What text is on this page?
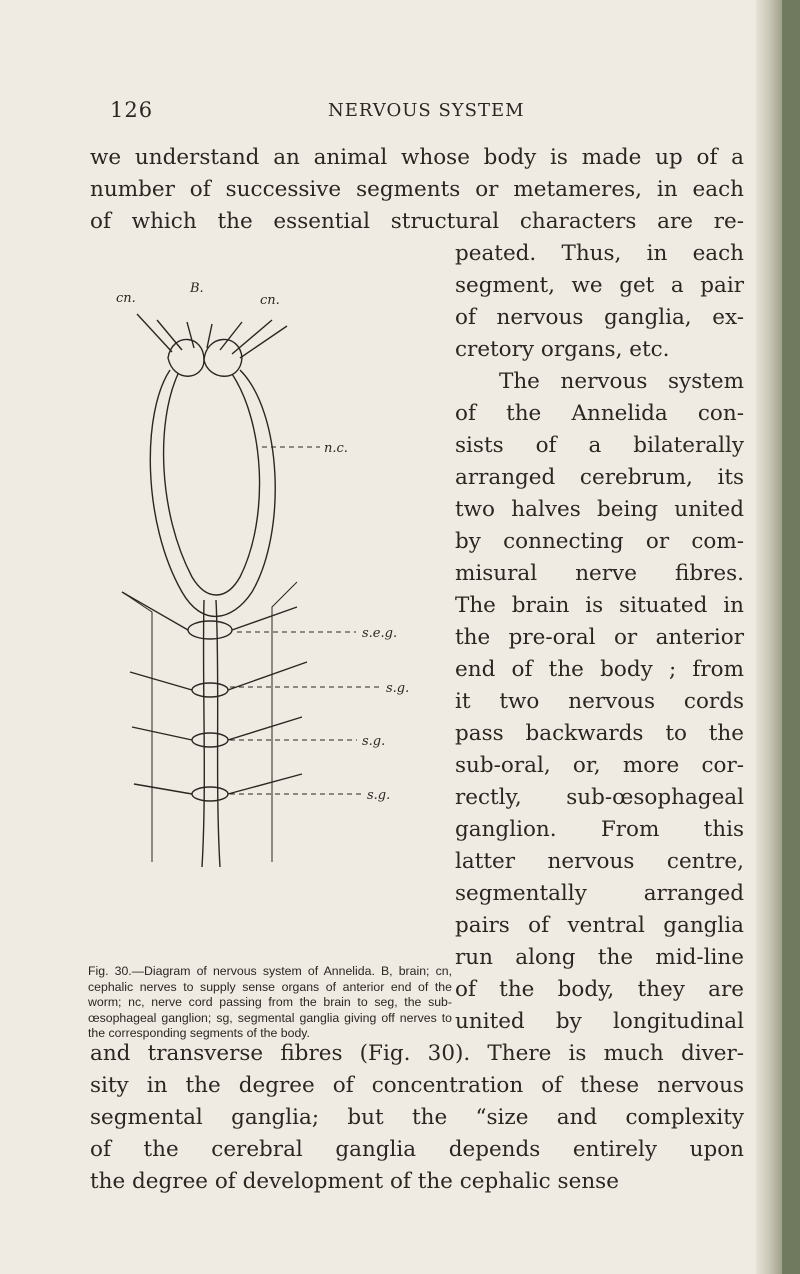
126	NERVOUS SYSTEM
we understand an animal whose body is made up of a
number of successive segments or metameres, in each
of which the essential structural characters are re-
peated. Thus, in each
segment, we get a pair
of nervous ganglia, ex-
cretory organs, etc.
The nervous system
of the Annelida con-
sists of a bilaterally
arranged cerebrum, its
two halves being united
by connecting or com-
misural nerve fibres.
The brain is situated in
the pre-oral or anterior
end of the body ; from
it two nervous cords
pass backwards to the
sub-oral, or, more cor-
rectly, sub-œsophageal
ganglion. From this
latter nervous centre,
segmentally arranged
pairs of ventral ganglia
run along the mid-line
of the body, they are
united by longitudinal
and transverse fibres (Fig. 30). There is much diver-
sity in the degree of concentration of these nervous
segmental ganglia; but the “size and complexity
of the cerebral ganglia depends entirely upon
the degree of development of the cephalic sense
cn.
B.
cn.
n.c.
s.e.g.
s.g.
s.g.
s.g.
Fig. 30.—Diagram of nervous system of Annelida. B, brain; cn, cephalic nerves to supply sense organs of anterior end of the worm; nc, nerve cord passing from the brain to seg, the sub-œsophageal ganglion; sg, segmental ganglia giving off nerves to the corresponding segments of the body.
